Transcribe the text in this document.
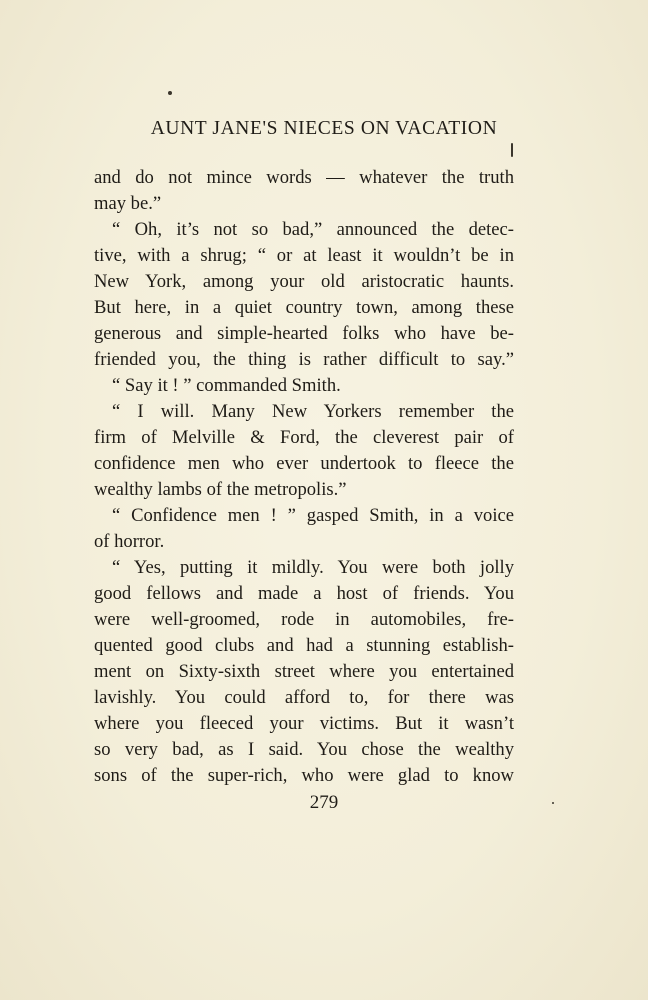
AUNT JANE'S NIECES ON VACATION
and do not mince words — whatever the truth
may be.”
“ Oh, it’s not so bad,” announced the detec-
tive, with a shrug; “ or at least it wouldn’t be in
New York, among your old aristocratic haunts.
But here, in a quiet country town, among these
generous and simple-hearted folks who have be-
friended you, the thing is rather difficult to say.”
“ Say it ! ” commanded Smith.
“ I will. Many New Yorkers remember the
firm of Melville & Ford, the cleverest pair of
confidence men who ever undertook to fleece the
wealthy lambs of the metropolis.”
“ Confidence men ! ” gasped Smith, in a voice
of horror.
“ Yes, putting it mildly. You were both jolly
good fellows and made a host of friends. You
were well-groomed, rode in automobiles, fre-
quented good clubs and had a stunning establish-
ment on Sixty-sixth street where you entertained
lavishly. You could afford to, for there was
where you fleeced your victims. But it wasn’t
so very bad, as I said. You chose the wealthy
sons of the super-rich, who were glad to know
279
